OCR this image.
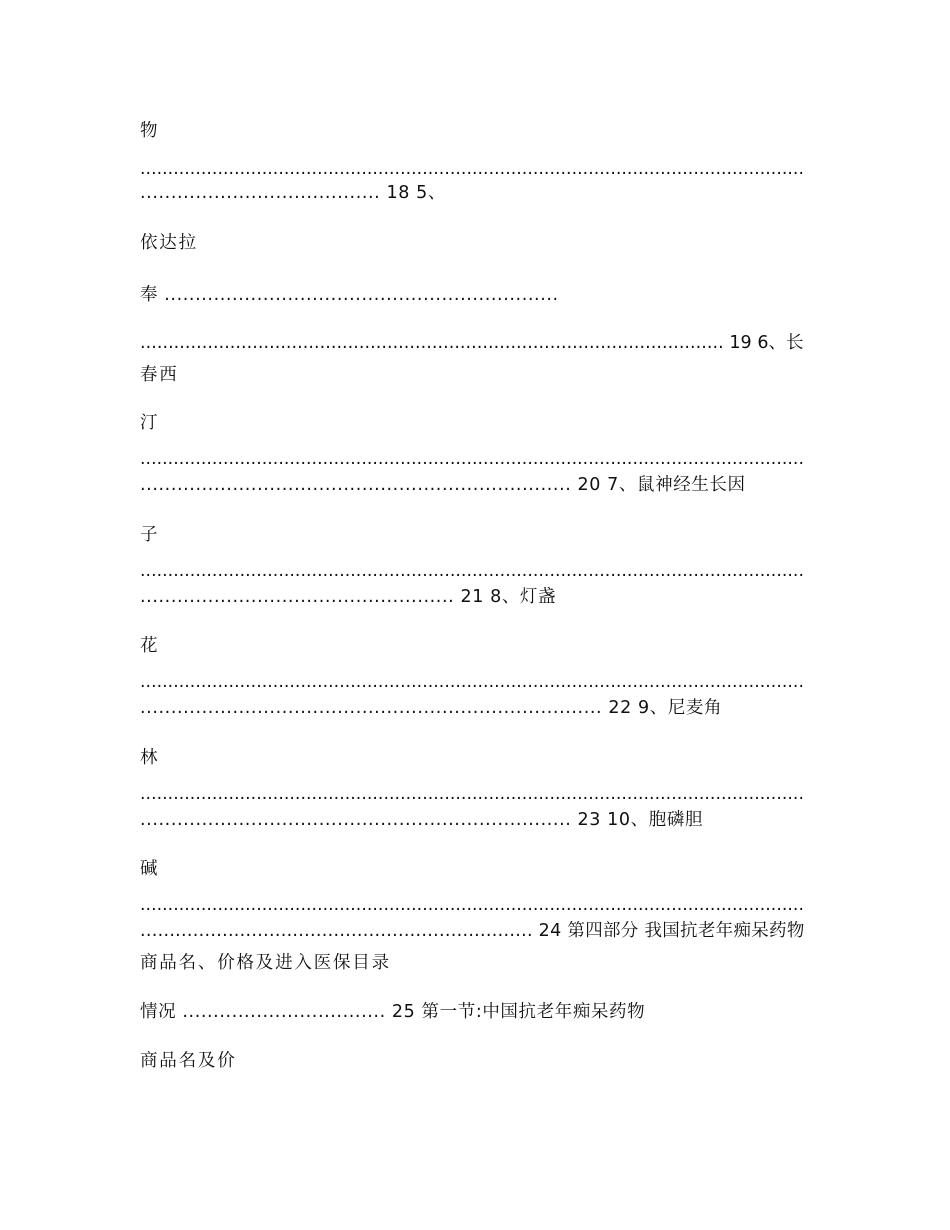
物
........................................................................................................................
....................................... 18 5、
依达拉
奉 ................................................................
........................................................................................................ 19 6、长
春西
汀
........................................................................................................................
...................................................................... 20 7、鼠神经生长因
子
........................................................................................................................
................................................... 21 8、灯盏
花
........................................................................................................................
........................................................................... 22 9、尼麦角
林
........................................................................................................................
...................................................................... 23 10、胞磷胆
碱
........................................................................................................................
................................................................... 24 第四部分 我国抗老年痴呆药物
商品名、价格及进入医保目录
情况 ................................. 25 第一节:中国抗老年痴呆药物
商品名及价
